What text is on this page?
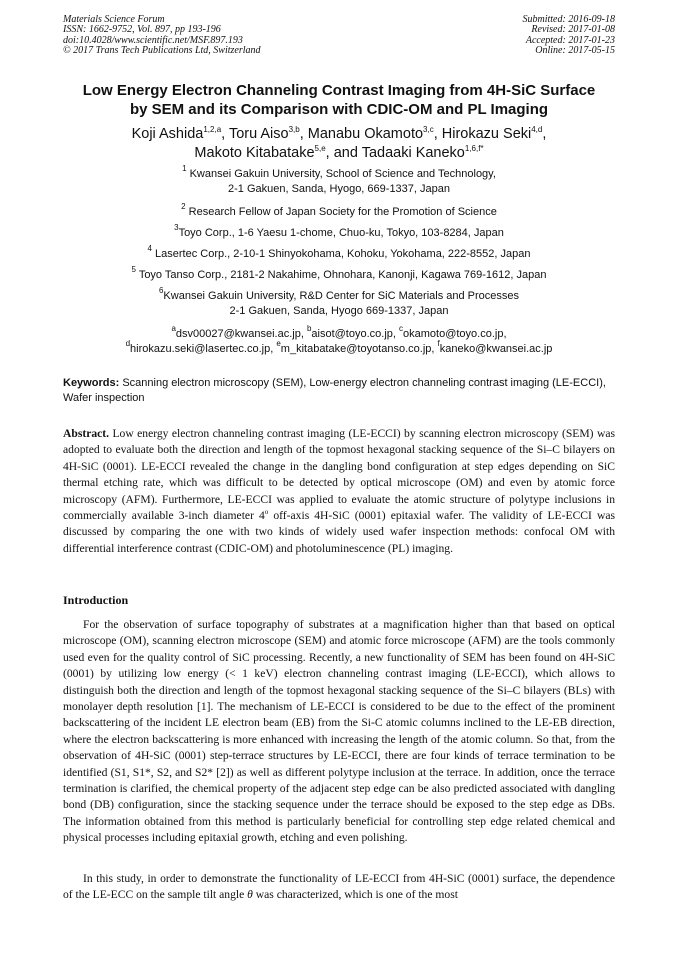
Materials Science Forum
ISSN: 1662-9752, Vol. 897, pp 193-196
doi:10.4028/www.scientific.net/MSF.897.193
© 2017 Trans Tech Publications Ltd, Switzerland
Submitted: 2016-09-18
Revised: 2017-01-08
Accepted: 2017-01-23
Online: 2017-05-15
Low Energy Electron Channeling Contrast Imaging from 4H-SiC Surface
by SEM and its Comparison with CDIC-OM and PL Imaging
Koji Ashida$^{1,2,a}$, Toru Aiso$^{3,b}$, Manabu Okamoto$^{3,c}$, Hirokazu Seki$^{4,d}$,
Makoto Kitabatake$^{5,e}$, and Tadaaki Kaneko$^{1,6,f*}$
$^1$ Kwansei Gakuin University, School of Science and Technology,
2-1 Gakuen, Sanda, Hyogo, 669-1337, Japan
$^2$ Research Fellow of Japan Society for the Promotion of Science
$^3$Toyo Corp., 1-6 Yaesu 1-chome, Chuo-ku, Tokyo, 103-8284, Japan
$^4$ Lasertec Corp., 2-10-1 Shinyokohama, Kohoku, Yokohama, 222-8552, Japan
$^5$ Toyo Tanso Corp., 2181-2 Nakahime, Ohnohara, Kanonji, Kagawa 769-1612, Japan
$^6$Kwansei Gakuin University, R&D Center for SiC Materials and Processes
2-1 Gakuen, Sanda, Hyogo 669-1337, Japan
$^a$dsv00027@kwansei.ac.jp, $^b$aisot@toyo.co.jp, $^c$okamoto@toyo.co.jp,
$^d$hirokazu.seki@lasertec.co.jp, $^e$m_kitabatake@toyotanso.co.jp, $^f$kaneko@kwansei.ac.jp
Keywords: Scanning electron microscopy (SEM), Low-energy electron channeling contrast imaging (LE-ECCI), Wafer inspection
Abstract. Low energy electron channeling contrast imaging (LE-ECCI) by scanning electron microscopy (SEM) was adopted to evaluate both the direction and length of the topmost hexagonal stacking sequence of the Si–C bilayers on 4H-SiC (0001). LE-ECCI revealed the change in the dangling bond configuration at step edges depending on SiC thermal etching rate, which was difficult to be detected by optical microscope (OM) and even by atomic force microscopy (AFM). Furthermore, LE-ECCI was applied to evaluate the atomic structure of polytype inclusions in commercially available 3-inch diameter 4$^o$ off-axis 4H-SiC (0001) epitaxial wafer. The validity of LE-ECCI was discussed by comparing the one with two kinds of widely used wafer inspection methods: confocal OM with differential interference contrast (CDIC-OM) and photoluminescence (PL) imaging.
Introduction

For the observation of surface topography of substrates at a magnification higher than that based on optical microscope (OM), scanning electron microscope (SEM) and atomic force microscope (AFM) are the tools commonly used even for the quality control of SiC processing. Recently, a new functionality of SEM has been found on 4H-SiC (0001) by utilizing low energy (< 1 keV) electron channeling contrast imaging (LE-ECCI), which allows to distinguish both the direction and length of the topmost hexagonal stacking sequence of the Si–C bilayers (BLs) with monolayer depth resolution [1]. The mechanism of LE-ECCI is considered to be due to the effect of the prominent backscattering of the incident LE electron beam (EB) from the Si-C atomic columns inclined to the LE-EB direction, where the electron backscattering is more enhanced with increasing the length of the atomic column. So that, from the observation of 4H-SiC (0001) step-terrace structures by LE-ECCI, there are four kinds of terrace termination to be identified (S1, S1*, S2, and S2* [2]) as well as different polytype inclusion at the terrace. In addition, once the terrace termination is clarified, the chemical property of the adjacent step edge can be also predicted associated with dangling bond (DB) configuration, since the stacking sequence under the terrace should be exposed to the step edge as DBs. The information obtained from this method is particularly beneficial for controlling step edge related chemical and physical processes including epitaxial growth, etching and even polishing.

In this study, in order to demonstrate the functionality of LE-ECCI from 4H-SiC (0001) surface, the dependence of the LE-ECC on the sample tilt angle θ was characterized, which is one of the most
